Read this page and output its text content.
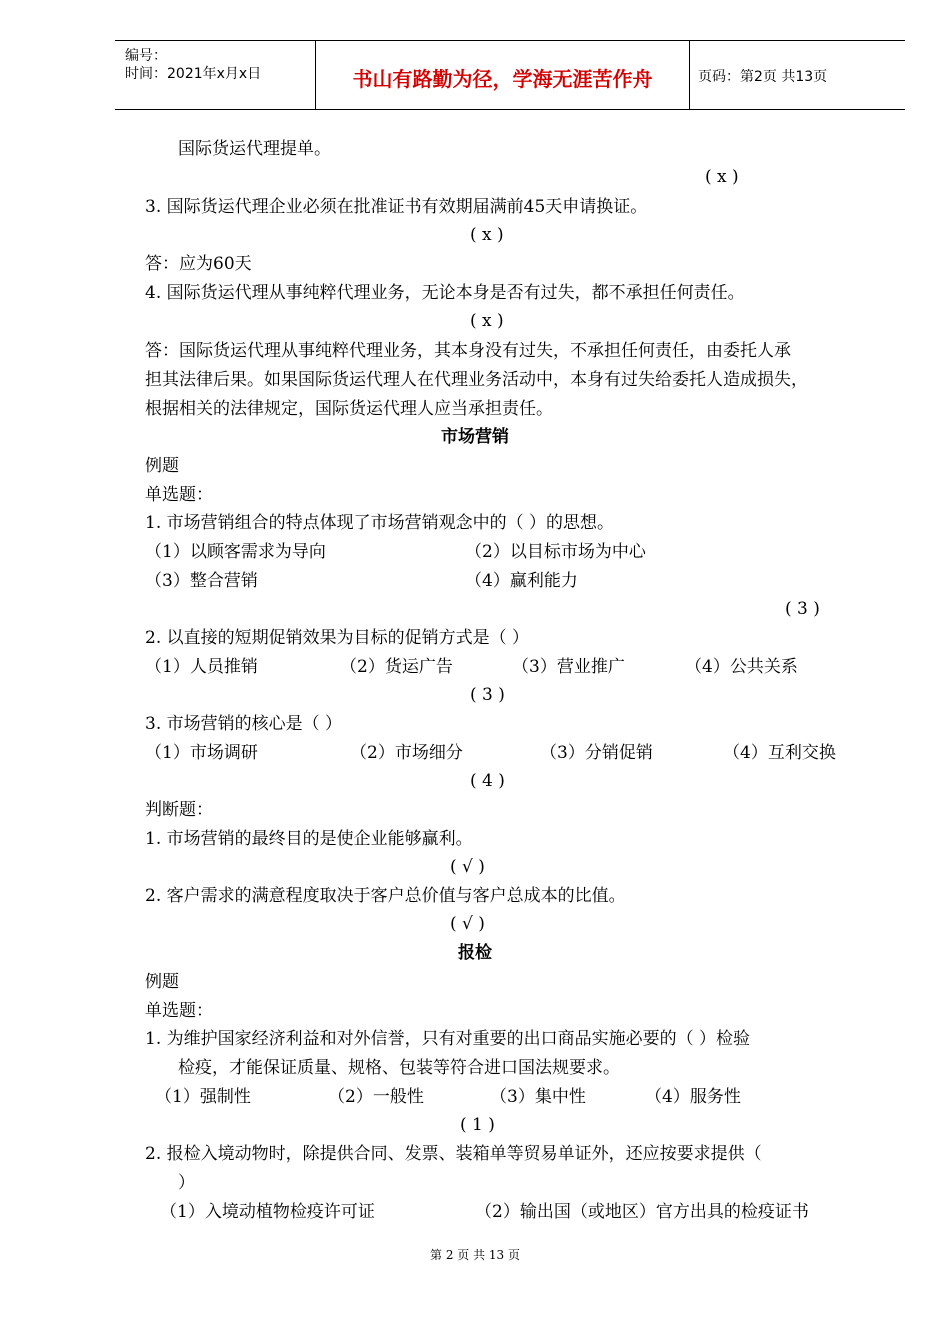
编号：
时间：2021年x月x日	书山有路勤为径，学海无涯苦作舟	页码：第2页 共13页
国际货运代理提单。
( x )
3. 国际货运代理企业必须在批准证书有效期届满前45天申请换证。
( x )
答：应为60天
4. 国际货运代理从事纯粹代理业务，无论本身是否有过失，都不承担任何责任。
( x )
答：国际货运代理从事纯粹代理业务，其本身没有过失，不承担任何责任，由委托人承
担其法律后果。如果国际货运代理人在代理业务活动中，本身有过失给委托人造成损失，
根据相关的法律规定，国际货运代理人应当承担责任。
市场营销
例题
单选题：
1. 市场营销组合的特点体现了市场营销观念中的（ ）的思想。
（1）以顾客需求为导向	（2）以目标市场为中心
（3）整合营销	（4）赢利能力
( 3 )
2. 以直接的短期促销效果为目标的促销方式是（ ）
（1）人员推销	（2）货运广告	（3）营业推广	（4）公共关系
( 3 )
3. 市场营销的核心是（ ）
（1）市场调研	（2）市场细分	（3）分销促销	（4）互利交换
( 4 )
判断题：
1. 市场营销的最终目的是使企业能够赢利。
( √ )
2. 客户需求的满意程度取决于客户总价值与客户总成本的比值。
( √ )
报检
例题
单选题：
1. 为维护国家经济利益和对外信誉，只有对重要的出口商品实施必要的（ ）检验
检疫，才能保证质量、规格、包装等符合进口国法规要求。
（1）强制性	（2）一般性	（3）集中性	（4）服务性
( 1 )
2. 报检入境动物时，除提供合同、发票、装箱单等贸易单证外，还应按要求提供（
）
（1）入境动植物检疫许可证	（2）输出国（或地区）官方出具的检疫证书
第 2 页 共 13 页
